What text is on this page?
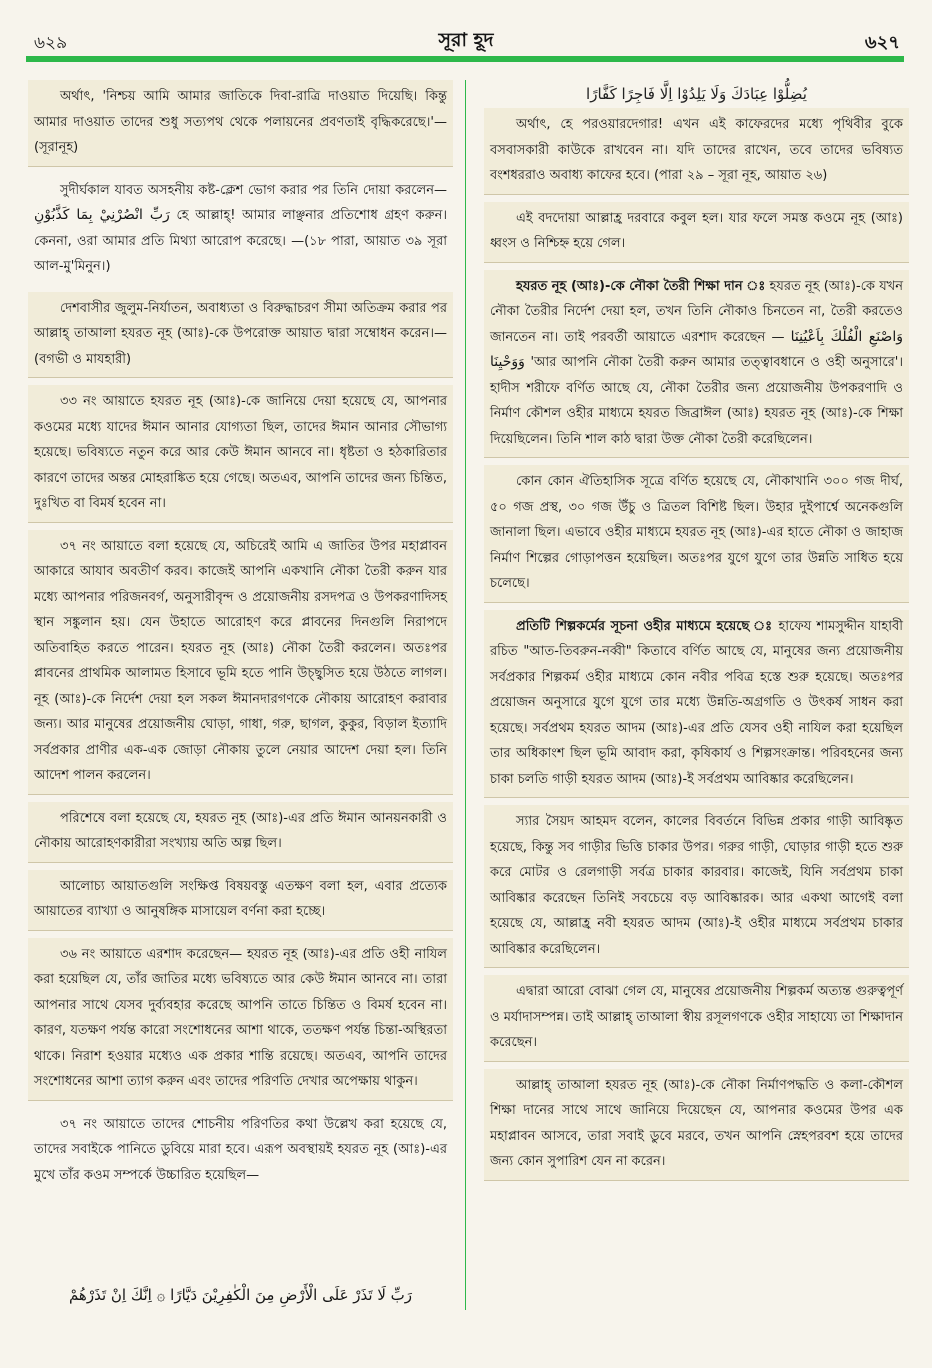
৬২৯	সূরা হূদ	৬২৭

অর্থাৎ, 'নিশ্চয় আমি আমার জাতিকে দিবা-রাত্রি দাওয়াত দিয়েছি। কিন্তু আমার দাওয়াত তাদের শুধু সত্যপথ থেকে পলায়নের প্রবণতাই বৃদ্ধিকরেছে।'—(সূরানূহ)

সুদীর্ঘকাল যাবত অসহনীয় কষ্ট-ক্লেশ ভোগ করার পর তিনি দোয়া করলেন— رَبِّ انْصُرْنِيْ بِمَا كَذَّبُوْنِ হে আল্লাহ্! আমার লাঞ্ছনার প্রতিশোধ গ্রহণ করুন। কেননা, ওরা আমার প্রতি মিথ্যা আরোপ করেছে। —(১৮ পারা, আয়াত ৩৯ সূরা আল-মু'মিনুন।)

দেশবাসীর জুলুম-নির্যাতন, অবাধ্যতা ও বিরুদ্ধাচরণ সীমা অতিক্রম করার পর আল্লাহ্ তাআলা হযরত নূহ (আঃ)-কে উপরোক্ত আয়াত দ্বারা সম্বোধন করেন।—(বগভী ও মাযহারী)

৩৩ নং আয়াতে হযরত নূহ (আঃ)-কে জানিয়ে দেয়া হয়েছে যে, আপনার কওমের মধ্যে যাদের ঈমান আনার যোগ্যতা ছিল, তাদের ঈমান আনার সৌভাগ্য হয়েছে। ভবিষ্যতে নতুন করে আর কেউ ঈমান আনবে না। ধৃষ্টতা ও হঠকারিতার কারণে তাদের অন্তর মোহরাঙ্কিত হয়ে গেছে। অতএব, আপনি তাদের জন্য চিন্তিত, দুঃখিত বা বিমর্ষ হবেন না।

৩৭ নং আয়াতে বলা হয়েছে যে, অচিরেই আমি এ জাতির উপর মহাপ্লাবন আকারে আযাব অবতীর্ণ করব। কাজেই আপনি একখানি নৌকা তৈরী করুন যার মধ্যে আপনার পরিজনবর্গ, অনুসারীবৃন্দ ও প্রয়োজনীয় রসদপত্র ও উপকরণাদিসহ স্থান সঙ্কুলান হয়। যেন উহাতে আরোহণ করে প্লাবনের দিনগুলি নিরাপদে অতিবাহিত করতে পারেন। হযরত নূহ (আঃ) নৌকা তৈরী করলেন। অতঃপর প্লাবনের প্রাথমিক আলামত হিসাবে ভূমি হতে পানি উচ্ছ্বসিত হয়ে উঠতে লাগল। নূহ (আঃ)-কে নির্দেশ দেয়া হল সকল ঈমানদারগণকে নৌকায় আরোহণ করাবার জন্য। আর মানুষের প্রয়োজনীয় ঘোড়া, গাধা, গরু, ছাগল, কুকুর, বিড়াল ইত্যাদি সর্বপ্রকার প্রাণীর এক-এক জোড়া নৌকায় তুলে নেয়ার আদেশ দেয়া হল। তিনি আদেশ পালন করলেন।

পরিশেষে বলা হয়েছে যে, হযরত নূহ (আঃ)-এর প্রতি ঈমান আনয়নকারী ও নৌকায় আরোহণকারীরা সংখ্যায় অতি অল্প ছিল।

আলোচ্য আয়াতগুলি সংক্ষিপ্ত বিষয়বস্তু এতক্ষণ বলা হল, এবার প্রত্যেক আয়াতের ব্যাখ্যা ও আনুষঙ্গিক মাসায়েল বর্ণনা করা হচ্ছে।

৩৬ নং আয়াতে এরশাদ করেছেন— হযরত নূহ (আঃ)-এর প্রতি ওহী নাযিল করা হয়েছিল যে, তাঁর জাতির মধ্যে ভবিষ্যতে আর কেউ ঈমান আনবে না। তারা আপনার সাথে যেসব দুর্ব্যবহার করেছে আপনি তাতে চিন্তিত ও বিমর্ষ হবেন না। কারণ, যতক্ষণ পর্যন্ত কারো সংশোধনের আশা থাকে, ততক্ষণ পর্যন্ত চিন্তা-অস্থিরতা থাকে। নিরাশ হওয়ার মধ্যেও এক প্রকার শান্তি রয়েছে। অতএব, আপনি তাদের সংশোধনের আশা ত্যাগ করুন এবং তাদের পরিণতি দেখার অপেক্ষায় থাকুন।

৩৭ নং আয়াতে তাদের শোচনীয় পরিণতির কথা উল্লেখ করা হয়েছে যে, তাদের সবাইকে পানিতে ডুবিয়ে মারা হবে। এরূপ অবস্থায়ই হযরত নূহ (আঃ)-এর মুখে তাঁর কওম সম্পর্কে উচ্চারিত হয়েছিল—

رَبِّ لَا تَذَرْ عَلَى الْأَرْضِ مِنَ الْكٰفِرِيْنَ دَيَّارًا ۞ اِنَّكَ اِنْ تَذَرْهُمْ
يُضِلُّوْا عِبَادَكَ وَلَا يَلِدُوْا اِلَّا فَاجِرًا كَفَّارًا

অর্থাৎ, হে পরওয়ারদেগার! এখন এই কাফেরদের মধ্যে পৃথিবীর বুকে বসবাসকারী কাউকে রাখবেন না। যদি তাদের রাখেন, তবে তাদের ভবিষ্যত বংশধররাও অবাধ্য কাফের হবে। (পারা ২৯ – সূরা নূহ, আয়াত ২৬)

এই বদদোয়া আল্লাহ্র দরবারে কবুল হল। যার ফলে সমস্ত কওমে নূহ (আঃ) ধ্বংস ও নিশ্চিহ্ন হয়ে গেল।

হযরত নূহ (আঃ)-কে নৌকা তৈরী শিক্ষা দান ঃ হযরত নূহ (আঃ)-কে যখন নৌকা তৈরীর নির্দেশ দেয়া হল, তখন তিনি নৌকাও চিনতেন না, তৈরী করতেও জানতেন না। তাই পরবর্তী আয়াতে এরশাদ করেছেন — وَاصْنَعِ الْفُلْكَ بِاَعْيُنِنَا وَوَحْيِنَا 'আর আপনি নৌকা তৈরী করুন আমার তত্ত্বাবধানে ও ওহী অনুসারে'। হাদীস শরীফে বর্ণিত আছে যে, নৌকা তৈরীর জন্য প্রয়োজনীয় উপকরণাদি ও নির্মাণ কৌশল ওহীর মাধ্যমে হযরত জিব্রাঈল (আঃ) হযরত নূহ (আঃ)-কে শিক্ষা দিয়েছিলেন। তিনি শাল কাঠ দ্বারা উক্ত নৌকা তৈরী করেছিলেন।

কোন কোন ঐতিহাসিক সূত্রে বর্ণিত হয়েছে যে, নৌকাখানি ৩০০ গজ দীর্ঘ, ৫০ গজ প্রস্থ, ৩০ গজ উঁচু ও ত্রিতল বিশিষ্ট ছিল। উহার দুইপার্শ্বে অনেকগুলি জানালা ছিল। এভাবে ওহীর মাধ্যমে হযরত নূহ (আঃ)-এর হাতে নৌকা ও জাহাজ নির্মাণ শিল্পের গোড়াপত্তন হয়েছিল। অতঃপর যুগে যুগে তার উন্নতি সাধিত হয়ে চলেছে।

প্রতিটি শিল্পকর্মের সূচনা ওহীর মাধ্যমে হয়েছে ঃ হাফেয শামসুদ্দীন যাহাবী রচিত "আত-তিবরুন-নব্বী" কিতাবে বর্ণিত আছে যে, মানুষের জন্য প্রয়োজনীয় সর্বপ্রকার শিল্পকর্ম ওহীর মাধ্যমে কোন নবীর পবিত্র হস্তে শুরু হয়েছে। অতঃপর প্রয়োজন অনুসারে যুগে যুগে তার মধ্যে উন্নতি-অগ্রগতি ও উৎকর্ষ সাধন করা হয়েছে। সর্বপ্রথম হযরত আদম (আঃ)-এর প্রতি যেসব ওহী নাযিল করা হয়েছিল তার অধিকাংশ ছিল ভূমি আবাদ করা, কৃষিকার্য ও শিল্পসংক্রান্ত। পরিবহনের জন্য চাকা চলতি গাড়ী হযরত আদম (আঃ)-ই সর্বপ্রথম আবিষ্কার করেছিলেন।

স্যার সৈয়দ আহমদ বলেন, কালের বিবর্তনে বিভিন্ন প্রকার গাড়ী আবিষ্কৃত হয়েছে, কিন্তু সব গাড়ীর ভিত্তি চাকার উপর। গরুর গাড়ী, ঘোড়ার গাড়ী হতে শুরু করে মোটর ও রেলগাড়ী সর্বত্র চাকার কারবার। কাজেই, যিনি সর্বপ্রথম চাকা আবিষ্কার করেছেন তিনিই সবচেয়ে বড় আবিষ্কারক। আর একথা আগেই বলা হয়েছে যে, আল্লাহ্র নবী হযরত আদম (আঃ)-ই ওহীর মাধ্যমে সর্বপ্রথম চাকার আবিষ্কার করেছিলেন।

এদ্বারা আরো বোঝা গেল যে, মানুষের প্রয়োজনীয় শিল্পকর্ম অত্যন্ত গুরুত্বপূর্ণ ও মর্যাদাসম্পন্ন। তাই আল্লাহ্ তাআলা স্বীয় রসূলগণকে ওহীর সাহায্যে তা শিক্ষাদান করেছেন।

আল্লাহ্ তাআলা হযরত নূহ (আঃ)-কে নৌকা নির্মাণপদ্ধতি ও কলা-কৌশল শিক্ষা দানের সাথে সাথে জানিয়ে দিয়েছেন যে, আপনার কওমের উপর এক মহাপ্লাবন আসবে, তারা সবাই ডুবে মরবে, তখন আপনি স্নেহপরবশ হয়ে তাদের জন্য কোন সুপারিশ যেন না করেন।
